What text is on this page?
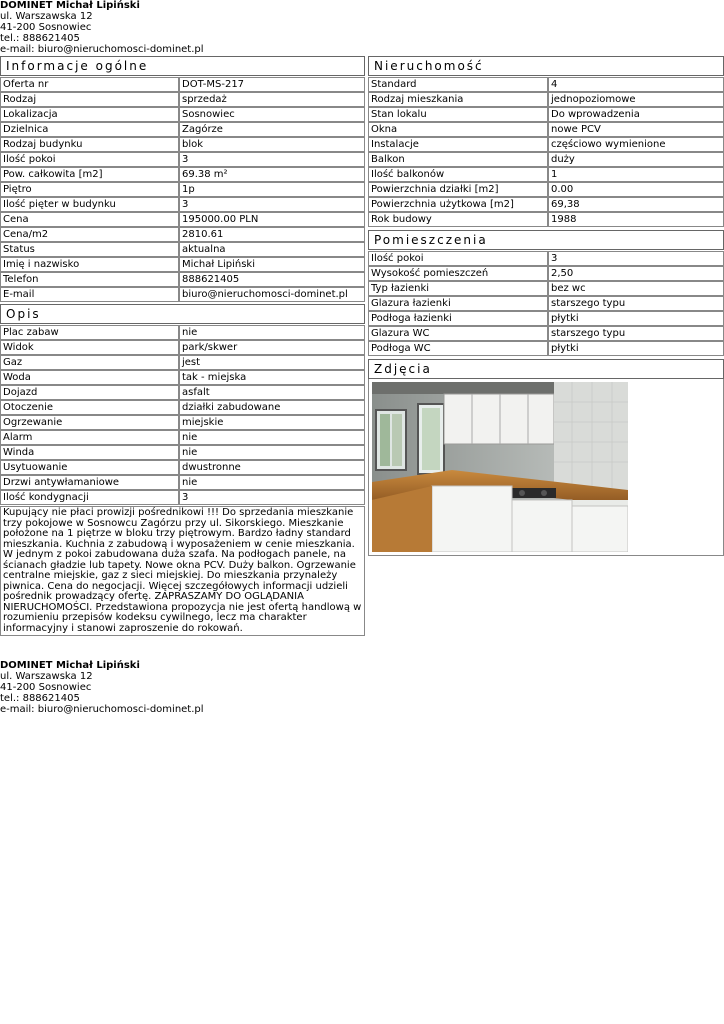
DOMINET Michał Lipiński
ul. Warszawska 12
41-200 Sosnowiec
tel.: 888621405
e-mail: biuro@nieruchomosci-dominet.pl
Informacje ogólne
Oferta nr	DOT-MS-217
Rodzaj	sprzedaż
Lokalizacja	Sosnowiec
Dzielnica	Zagórze
Rodzaj budynku	blok
Ilość pokoi	3
Pow. całkowita [m2]	69.38 m²
Piętro	1p
Ilość pięter w budynku	3
Cena	195000.00 PLN
Cena/m2	2810.61
Status	aktualna
Imię i nazwisko	Michał Lipiński
Telefon	888621405
E-mail	biuro@nieruchomosci-dominet.pl
Opis
Plac zabaw	nie
Widok	park/skwer
Gaz	jest
Woda	tak - miejska
Dojazd	asfalt
Otoczenie	działki zabudowane
Ogrzewanie	miejskie
Alarm	nie
Winda	nie
Usytuowanie	dwustronne
Drzwi antywłamaniowe	nie
Ilość kondygnacji	3
Kupujący nie płaci prowizji pośrednikowi !!! Do sprzedania mieszkanie trzy pokojowe w Sosnowcu Zagórzu przy ul. Sikorskiego. Mieszkanie położone na 1 piętrze w bloku trzy piętrowym. Bardzo ładny standard mieszkania. Kuchnia z zabudową i wyposażeniem w cenie mieszkania. W jednym z pokoi zabudowana duża szafa. Na podłogach panele, na ścianach gładzie lub tapety. Nowe okna PCV. Duży balkon. Ogrzewanie centralne miejskie, gaz z sieci miejskiej. Do mieszkania przynależy piwnica. Cena do negocjacji. Więcej szczegółowych informacji udzieli pośrednik prowadzący ofertę. ZAPRASZAMY DO OGLĄDANIA NIERUCHOMOŚCI. Przedstawiona propozycja nie jest ofertą handlową w rozumieniu przepisów kodeksu cywilnego, lecz ma charakter informacyjny i stanowi zaproszenie do rokowań.
Nieruchomość
Standard	4
Rodzaj mieszkania	jednopoziomowe
Stan lokalu	Do wprowadzenia
Okna	nowe PCV
Instalacje	częściowo wymienione
Balkon	duży
Ilość balkonów	1
Powierzchnia działki [m2]	0.00
Powierzchnia użytkowa [m2]	69,38
Rok budowy	1988
Pomieszczenia
Ilość pokoi	3
Wysokość pomieszczeń	2,50
Typ łazienki	bez wc
Glazura łazienki	starszego typu
Podłoga łazienki	płytki
Glazura WC	starszego typu
Podłoga WC	płytki
Zdjęcia
DOMINET Michał Lipiński
ul. Warszawska 12
41-200 Sosnowiec
tel.: 888621405
e-mail: biuro@nieruchomosci-dominet.pl
